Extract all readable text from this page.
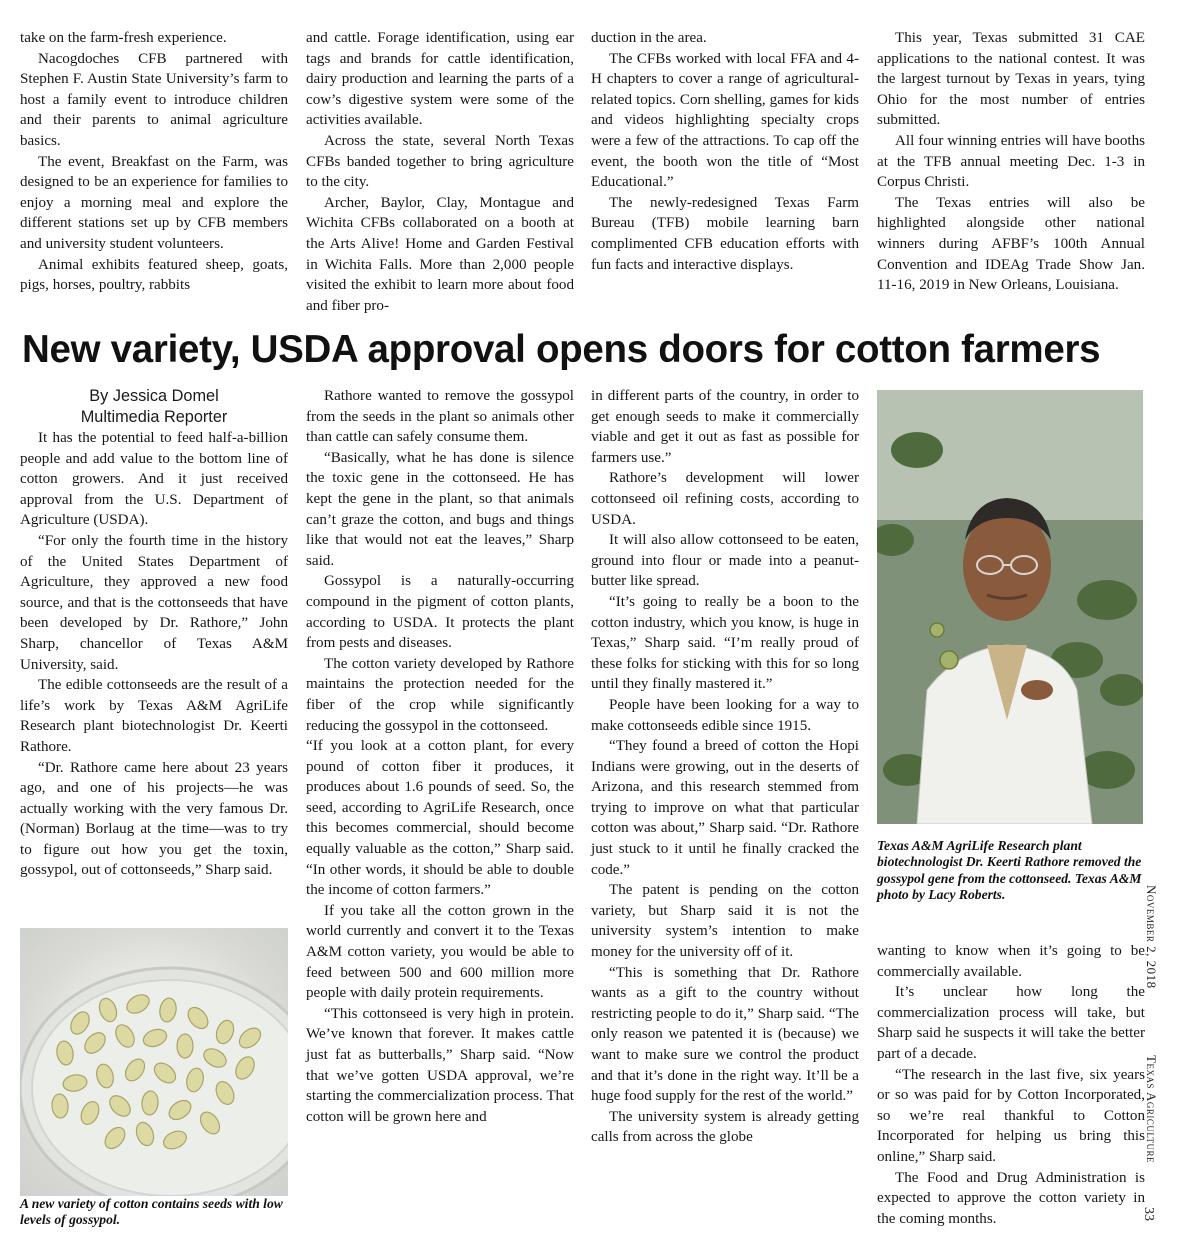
take on the farm-fresh experience.

Nacogdoches CFB partnered with Stephen F. Austin State University’s farm to host a family event to introduce children and their parents to animal agriculture basics.

The event, Breakfast on the Farm, was designed to be an experience for families to enjoy a morning meal and explore the different stations set up by CFB members and university student volunteers.

Animal exhibits featured sheep, goats, pigs, horses, poultry, rabbits

and cattle. Forage identification, using ear tags and brands for cattle identification, dairy production and learning the parts of a cow’s digestive system were some of the activities available.

Across the state, several North Texas CFBs banded together to bring agriculture to the city.

Archer, Baylor, Clay, Montague and Wichita CFBs collaborated on a booth at the Arts Alive! Home and Garden Festival in Wichita Falls. More than 2,000 people visited the exhibit to learn more about food and fiber pro-

duction in the area.

The CFBs worked with local FFA and 4-H chapters to cover a range of agricultural-related topics. Corn shelling, games for kids and videos highlighting specialty crops were a few of the attractions. To cap off the event, the booth won the title of “Most Educational.”

The newly-redesigned Texas Farm Bureau (TFB) mobile learning barn complimented CFB education efforts with fun facts and interactive displays.

This year, Texas submitted 31 CAE applications to the national contest. It was the largest turnout by Texas in years, tying Ohio for the most number of entries submitted.

All four winning entries will have booths at the TFB annual meeting Dec. 1-3 in Corpus Christi.

The Texas entries will also be highlighted alongside other national winners during AFBF’s 100th Annual Convention and IDEAg Trade Show Jan. 11-16, 2019 in New Orleans, Louisiana.

New variety, USDA approval opens doors for cotton farmers
By Jessica Domel
Multimedia Reporter

It has the potential to feed half-a-billion people and add value to the bottom line of cotton growers. And it just received approval from the U.S. Department of Agriculture (USDA).

“For only the fourth time in the history of the United States Department of Agriculture, they approved a new food source, and that is the cottonseeds that have been developed by Dr. Rathore,” John Sharp, chancellor of Texas A&M University, said.

The edible cottonseeds are the result of a life’s work by Texas A&M AgriLife Research plant biotechnologist Dr. Keerti Rathore.

“Dr. Rathore came here about 23 years ago, and one of his projects—he was actually working with the very famous Dr. (Norman) Borlaug at the time—was to try to figure out how you get the toxin, gossypol, out of cottonseeds,” Sharp said.

Rathore wanted to remove the gossypol from the seeds in the plant so animals other than cattle can safely consume them.

“Basically, what he has done is silence the toxic gene in the cottonseed. He has kept the gene in the plant, so that animals can’t graze the cotton, and bugs and things like that would not eat the leaves,” Sharp said.

Gossypol is a naturally-occurring compound in the pigment of cotton plants, according to USDA. It protects the plant from pests and diseases.

The cotton variety developed by Rathore maintains the protection needed for the fiber of the crop while significantly reducing the gossypol in the cottonseed.

“If you look at a cotton plant, for every pound of cotton fiber it produces, it produces about 1.6 pounds of seed. So, the seed, according to AgriLife Research, once this becomes commercial, should become equally valuable as the cotton,” Sharp said. “In other words, it should be able to double the income of cotton farmers.”

If you take all the cotton grown in the world currently and convert it to the Texas A&M cotton variety, you would be able to feed between 500 and 600 million more people with daily protein requirements.

“This cottonseed is very high in protein. We’ve known that forever. It makes cattle just fat as butterballs,” Sharp said. “Now that we’ve gotten USDA approval, we’re starting the commercialization process. That cotton will be grown here and

in different parts of the country, in order to get enough seeds to make it commercially viable and get it out as fast as possible for farmers use.”

Rathore’s development will lower cottonseed oil refining costs, according to USDA.

It will also allow cottonseed to be eaten, ground into flour or made into a peanut-butter like spread.

“It’s going to really be a boon to the cotton industry, which you know, is huge in Texas,” Sharp said. “I’m really proud of these folks for sticking with this for so long until they finally mastered it.”

People have been looking for a way to make cottonseeds edible since 1915.

“They found a breed of cotton the Hopi Indians were growing, out in the deserts of Arizona, and this research stemmed from trying to improve on what that particular cotton was about,” Sharp said. “Dr. Rathore just stuck to it until he finally cracked the code.”

The patent is pending on the cotton variety, but Sharp said it is not the university system’s intention to make money for the university off of it.

“This is something that Dr. Rathore wants as a gift to the country without restricting people to do it,” Sharp said. “The only reason we patented it is (because) we want to make sure we control the product and that it’s done in the right way. It’ll be a huge food supply for the rest of the world.”

The university system is already getting calls from across the globe

wanting to know when it’s going to be commercially available.

It’s unclear how long the commercialization process will take, but Sharp said he suspects it will take the better part of a decade.

“The research in the last five, six years or so was paid for by Cotton Incorporated, so we’re real thankful to Cotton Incorporated for helping us bring this online,” Sharp said.

The Food and Drug Administration is expected to approve the cotton variety in the coming months.

A new variety of cotton contains seeds with low levels of gossypol.
Texas A&M AgriLife Research plant biotechnologist Dr. Keerti Rathore removed the gossypol gene from the cottonseed. Texas A&M photo by Lacy Roberts.	November 2, 2018
Texas Agriculture
33
